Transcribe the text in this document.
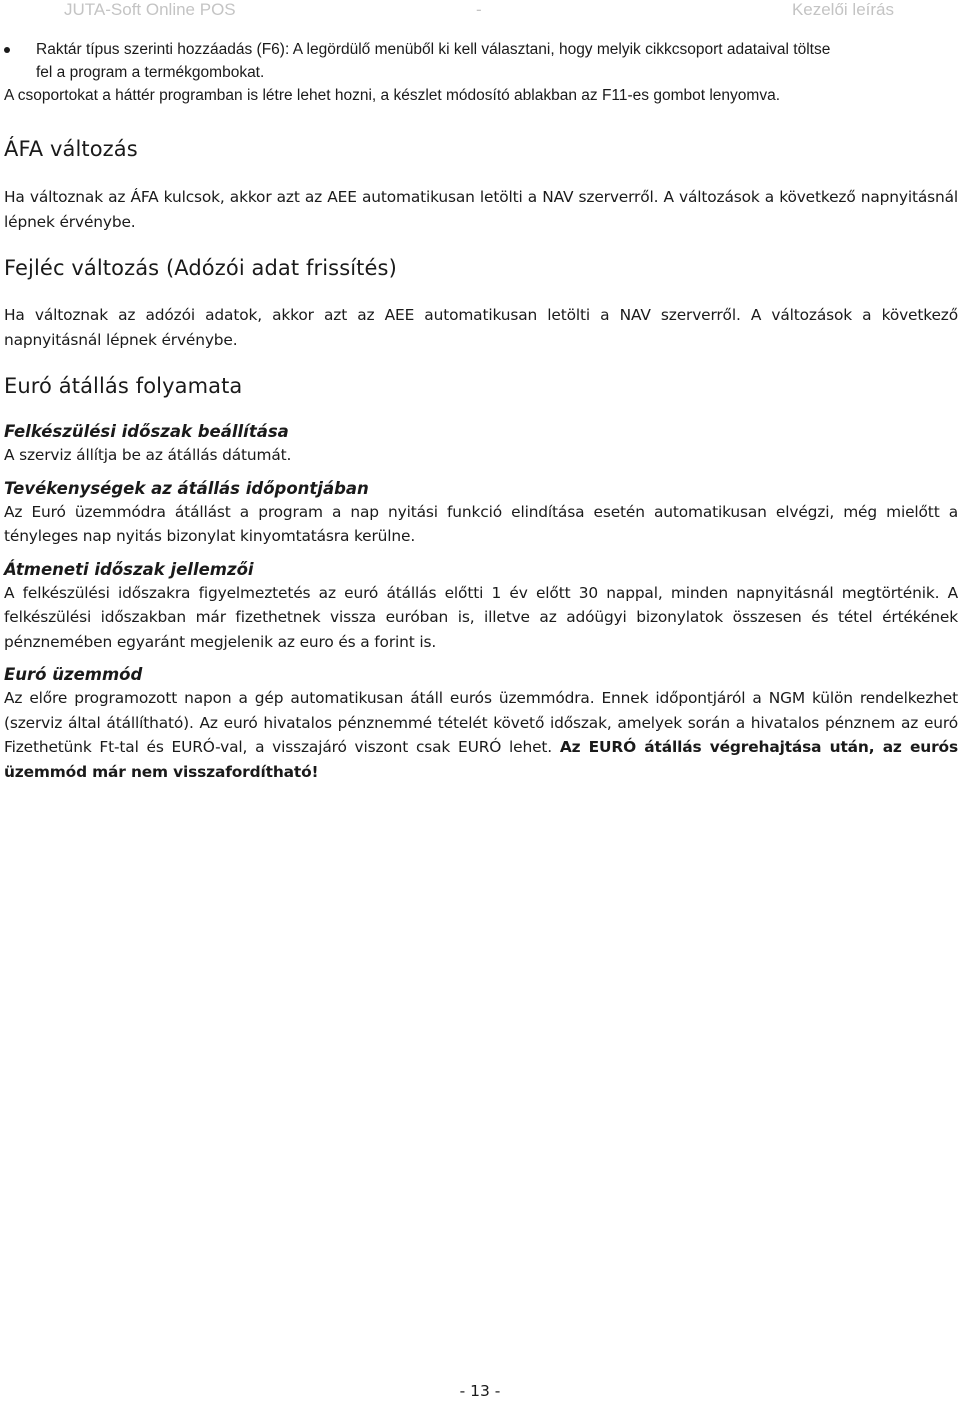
JUTA-Soft Online POS	-	Kezelői leírás
Raktár típus szerinti hozzáadás (F6): A legördülő menüből ki kell választani, hogy melyik cikkcsoport adataival töltse
fel a program a termékgombokat.

A csoportokat a háttér programban is létre lehet hozni, a készlet módosító ablakban az F11-es gombot lenyomva.

ÁFA változás

Ha változnak az ÁFA kulcsok, akkor azt az AEE automatikusan letölti a NAV szerverről. A változások a következő napnyitásnál lépnek érvénybe.

Fejléc változás (Adózói adat frissítés)

Ha változnak az adózói adatok, akkor azt az AEE automatikusan letölti a NAV szerverről. A változások a következő napnyitásnál lépnek érvénybe.

Euró átállás folyamata
Felkészülési időszak beállítása

A szerviz állítja be az átállás dátumát.

Tevékenységek az átállás időpontjában

Az Euró üzemmódra átállást a program a nap nyitási funkció elindítása esetén automatikusan elvégzi, még mielőtt a tényleges nap nyitás bizonylat kinyomtatásra kerülne.

Átmeneti időszak jellemzői

A felkészülési időszakra figyelmeztetés az euró átállás előtti 1 év előtt 30 nappal, minden napnyitásnál megtörténik. A felkészülési időszakban már fizethetnek vissza euróban is, illetve az adóügyi bizonylatok összesen és tétel értékének pénznemében egyaránt megjelenik az euro és a forint is.

Euró üzemmód

Az előre programozott napon a gép automatikusan átáll eurós üzemmódra. Ennek időpontjáról a NGM külön rendelkezhet (szerviz által átállítható). Az euró hivatalos pénznemmé tételét követő időszak, amelyek során a hivatalos pénznem az euró Fizethetünk Ft-tal és EURÓ-val, a visszajáró viszont csak EURÓ lehet. Az EURÓ átállás végrehajtása után, az eurós üzemmód már nem visszafordítható!

- 13 -
